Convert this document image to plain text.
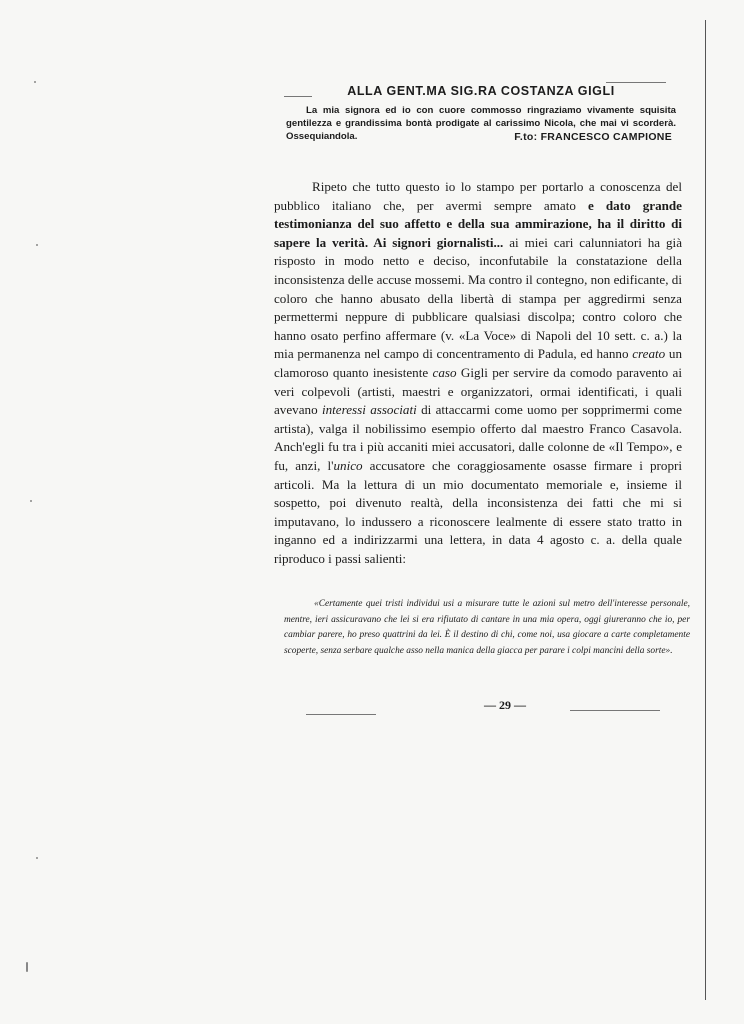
ALLA GENT.MA SIG.RA COSTANZA GIGLI

La mia signora ed io con cuore commosso ringraziamo vivamente squisita gentilezza e grandissima bontà prodigate al carissimo Nicola, che mai vi scorderà. Ossequiandola.	F.to: FRANCESCO CAMPIONE

Ripeto che tutto questo io lo stampo per portarlo a conoscenza del pubblico italiano che, per avermi sempre amato e dato grande testimonianza del suo affetto e della sua ammirazione, ha il diritto di sapere la verità. Ai signori giornalisti... ai miei cari calunniatori ha già risposto in modo netto e deciso, inconfutabile la constatazione della inconsistenza delle accuse mossemi. Ma contro il contegno, non edificante, di coloro che hanno abusato della libertà di stampa per aggredirmi senza permettermi neppure di pubblicare qualsiasi discolpa; contro coloro che hanno osato perfino affermare (v. «La Voce» di Napoli del 10 sett. c. a.) la mia permanenza nel campo di concentramento di Padula, ed hanno creato un clamoroso quanto inesistente caso Gigli per servire da comodo paravento ai veri colpevoli (artisti, maestri e organizzatori, ormai identificati, i quali avevano interessi associati di attaccarmi come uomo per sopprimermi come artista), valga il nobilissimo esempio offerto dal maestro Franco Casavola. Anch'egli fu tra i più accaniti miei accusatori, dalle colonne de «Il Tempo», e fu, anzi, l'unico accusatore che coraggiosamente osasse firmare i propri articoli. Ma la lettura di un mio documentato memoriale e, insieme il sospetto, poi divenuto realtà, della inconsistenza dei fatti che mi si imputavano, lo indussero a riconoscere lealmente di essere stato tratto in inganno ed a indirizzarmi una lettera, in data 4 agosto c. a. della quale riproduco i passi salienti:

«Certamente quei tristi individui usi a misurare tutte le azioni sul metro dell'interesse personale, mentre, ieri assicuravano che lei si era rifiutato di cantare in una mia opera, oggi giureranno che io, per cambiar parere, ho preso quattrini da lei. È il destino di chi, come noi, usa giocare a carte completamente scoperte, senza serbare qualche asso nella manica della giacca per parare i colpi mancini della sorte».

— 29 —
